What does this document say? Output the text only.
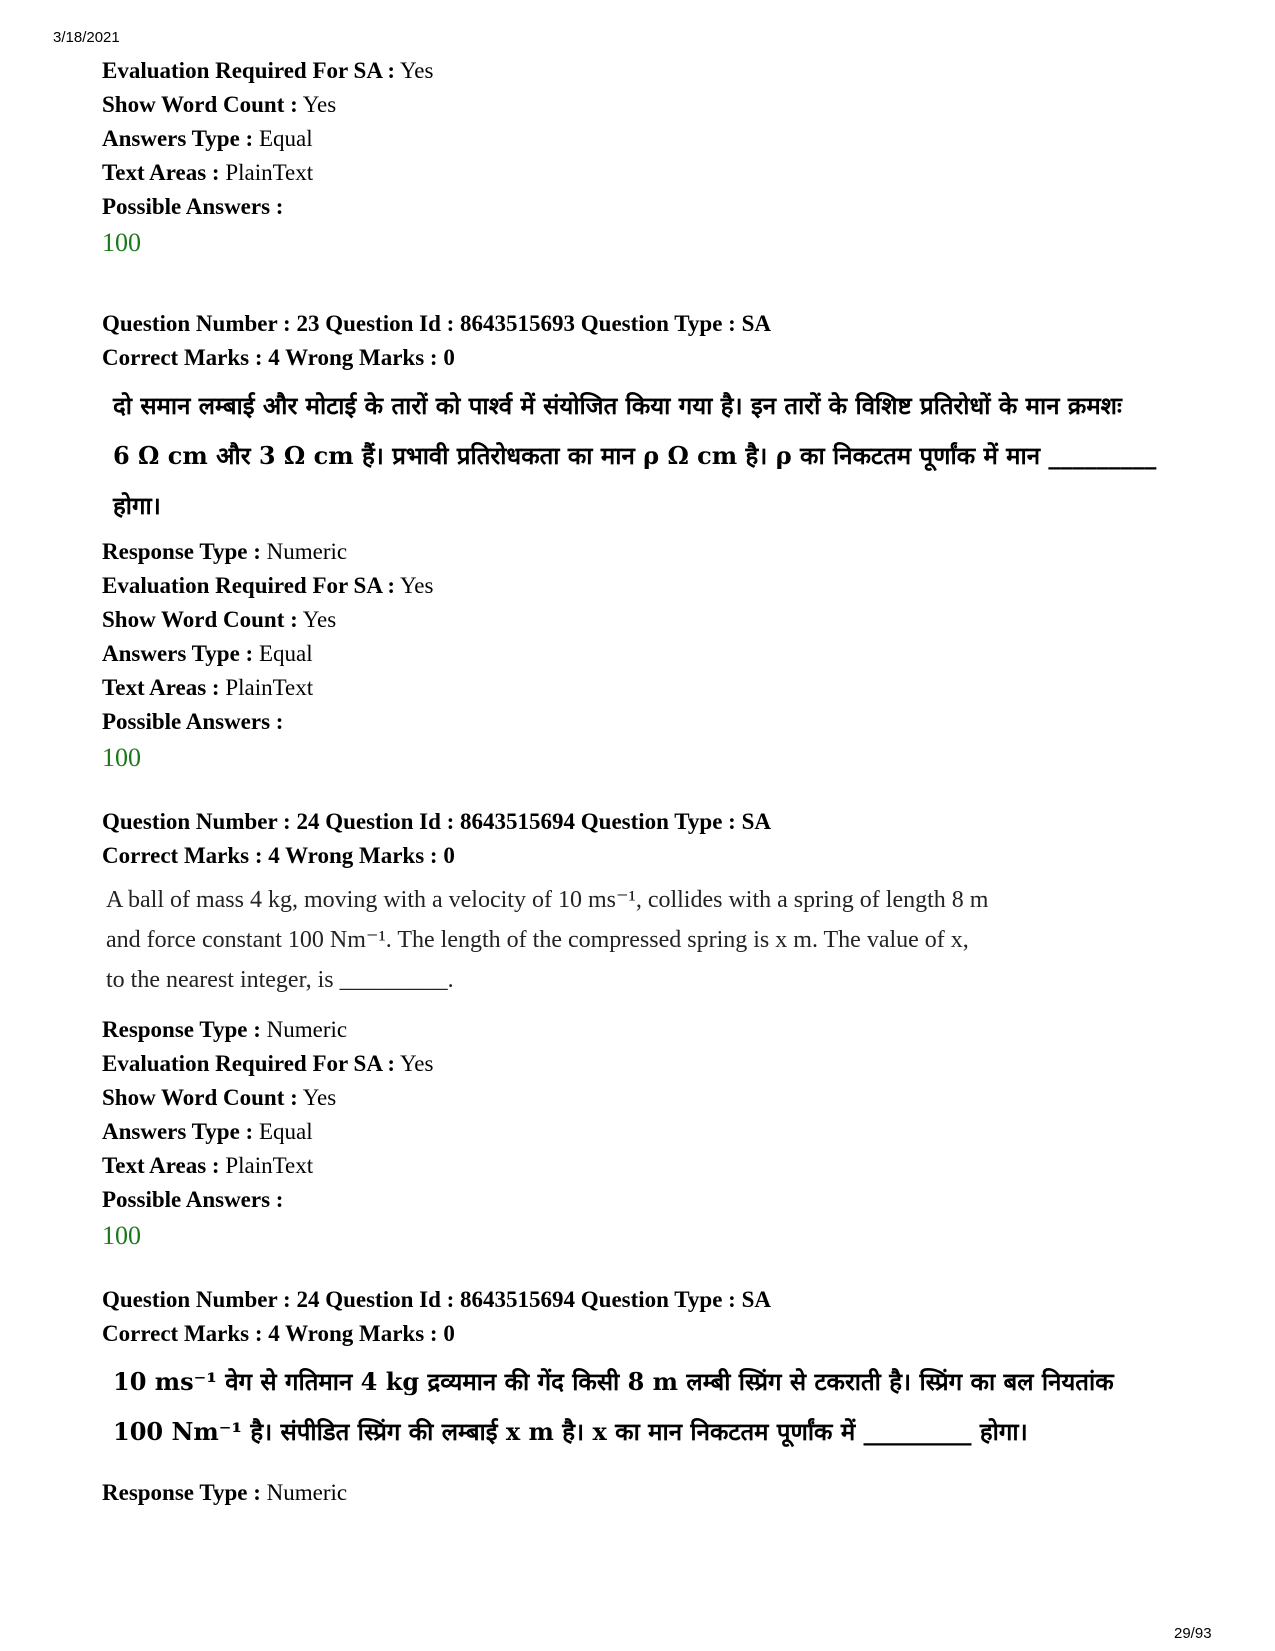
3/18/2021
Evaluation Required For SA : Yes
Show Word Count : Yes
Answers Type : Equal
Text Areas : PlainText
Possible Answers :
100
Question Number : 23 Question Id : 8643515693 Question Type : SA
Correct Marks : 4 Wrong Marks : 0
दो समान लम्बाई और मोटाई के तारों को पार्श्व में संयोजित किया गया है। इन तारों के विशिष्ट प्रतिरोधों के मान क्रमशः
6 Ω cm और 3 Ω cm हैं। प्रभावी प्रतिरोधकता का मान ρ Ω cm है। ρ का निकटतम पूर्णांक में मान _________
होगा।
Response Type : Numeric
Evaluation Required For SA : Yes
Show Word Count : Yes
Answers Type : Equal
Text Areas : PlainText
Possible Answers :
100
Question Number : 24 Question Id : 8643515694 Question Type : SA
Correct Marks : 4 Wrong Marks : 0
A ball of mass 4 kg, moving with a velocity of 10 ms⁻¹, collides with a spring of length 8 m
and force constant 100 Nm⁻¹. The length of the compressed spring is x m. The value of x,
to the nearest integer, is _________.
Response Type : Numeric
Evaluation Required For SA : Yes
Show Word Count : Yes
Answers Type : Equal
Text Areas : PlainText
Possible Answers :
100
Question Number : 24 Question Id : 8643515694 Question Type : SA
Correct Marks : 4 Wrong Marks : 0
10 ms⁻¹ वेग से गतिमान 4 kg द्रव्यमान की गेंद किसी 8 m लम्बी स्प्रिंग से टकराती है। स्प्रिंग का बल नियतांक
100 Nm⁻¹ है। संपीडित स्प्रिंग की लम्बाई x m है। x का मान निकटतम पूर्णांक में _________ होगा।
Response Type : Numeric
29/93
